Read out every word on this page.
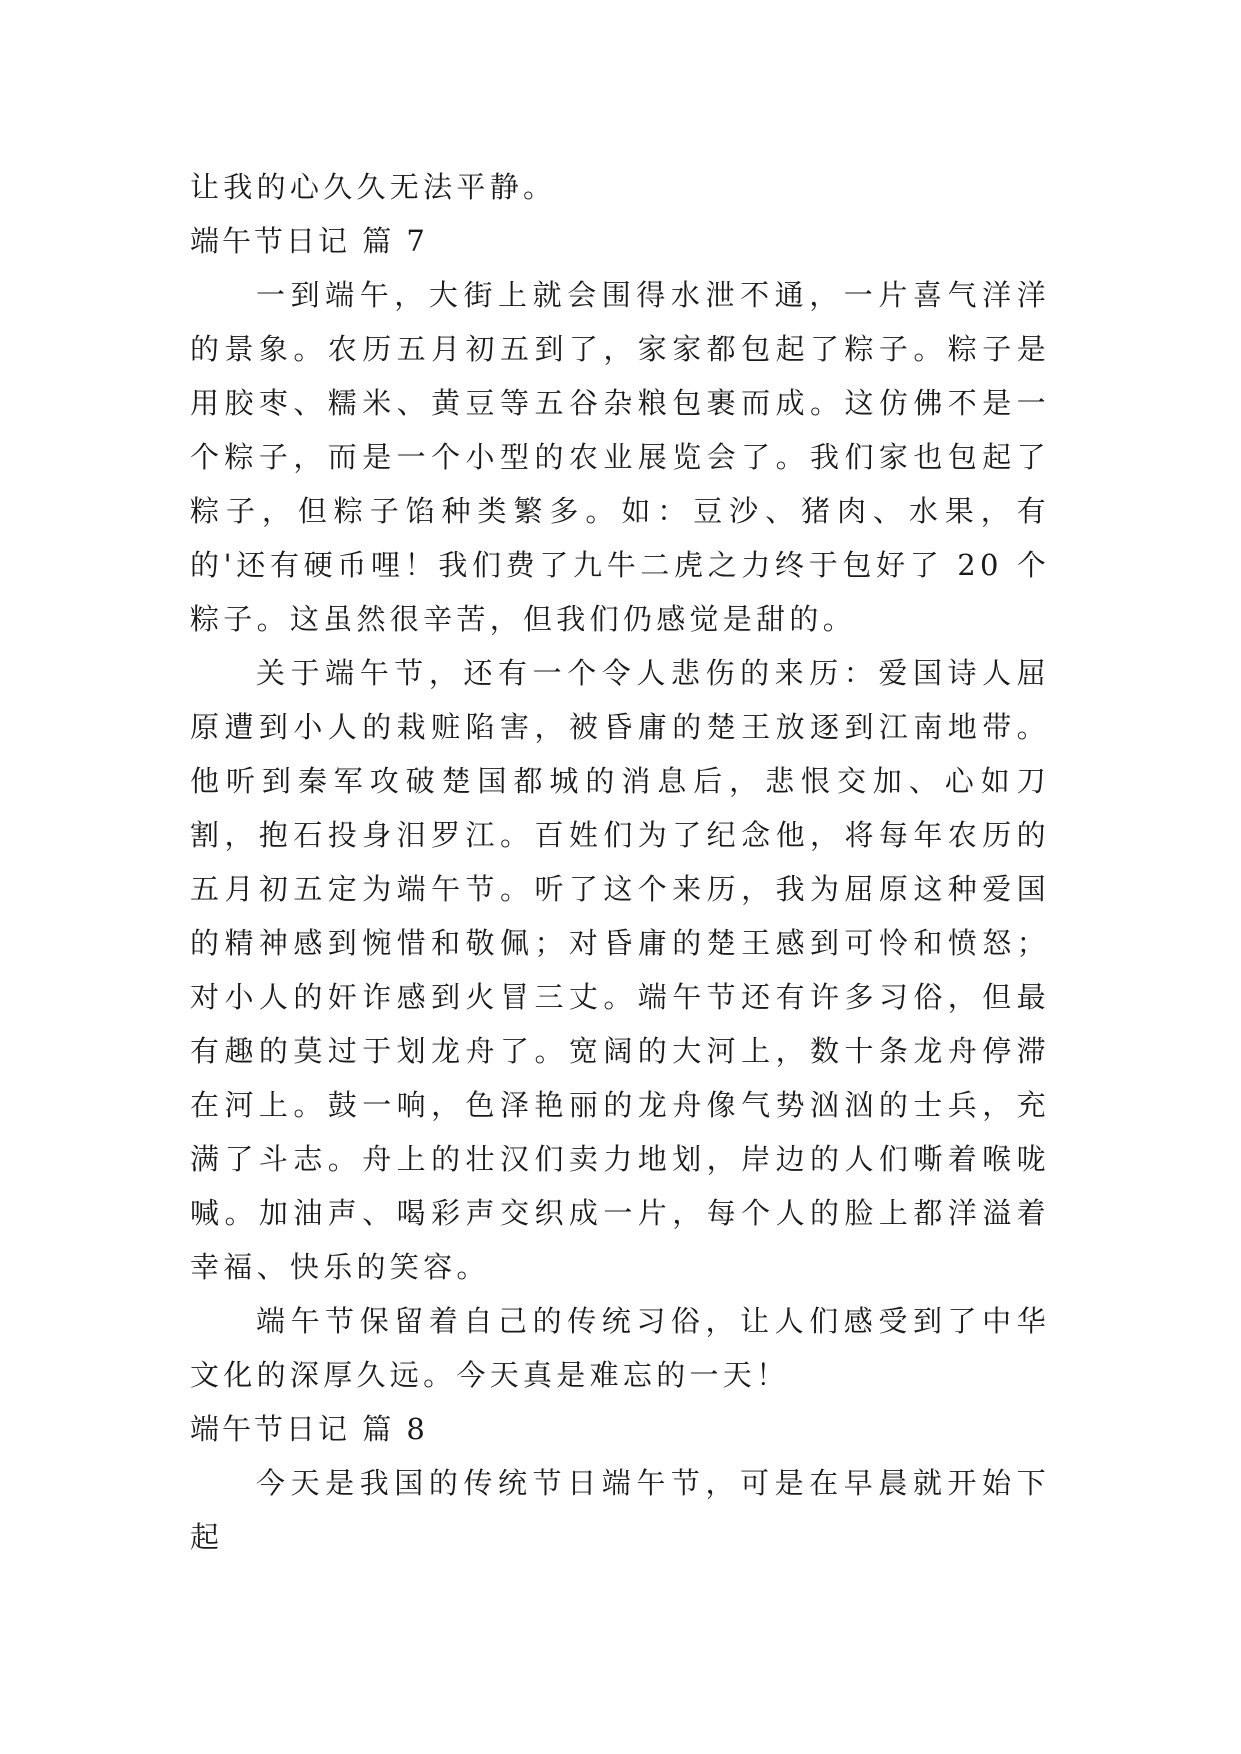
让我的心久久无法平静。

端午节日记 篇 7

一到端午，大街上就会围得水泄不通，一片喜气洋洋的景象。农历五月初五到了，家家都包起了粽子。粽子是用胶枣、糯米、黄豆等五谷杂粮包裹而成。这仿佛不是一个粽子，而是一个小型的农业展览会了。我们家也包起了粽子，但粽子馅种类繁多。如：豆沙、猪肉、水果，有的'还有硬币哩！我们费了九牛二虎之力终于包好了 20 个粽子。这虽然很辛苦，但我们仍感觉是甜的。

关于端午节，还有一个令人悲伤的来历：爱国诗人屈原遭到小人的栽赃陷害，被昏庸的楚王放逐到江南地带。他听到秦军攻破楚国都城的消息后，悲恨交加、心如刀割，抱石投身汨罗江。百姓们为了纪念他，将每年农历的五月初五定为端午节。听了这个来历，我为屈原这种爱国的精神感到惋惜和敬佩；对昏庸的楚王感到可怜和愤怒；对小人的奸诈感到火冒三丈。端午节还有许多习俗，但最有趣的莫过于划龙舟了。宽阔的大河上，数十条龙舟停滞在河上。鼓一响，色泽艳丽的龙舟像气势汹汹的士兵，充满了斗志。舟上的壮汉们卖力地划，岸边的人们嘶着喉咙喊。加油声、喝彩声交织成一片，每个人的脸上都洋溢着幸福、快乐的笑容。

端午节保留着自己的传统习俗，让人们感受到了中华文化的深厚久远。今天真是难忘的一天！

端午节日记 篇 8

今天是我国的传统节日端午节，可是在早晨就开始下起
